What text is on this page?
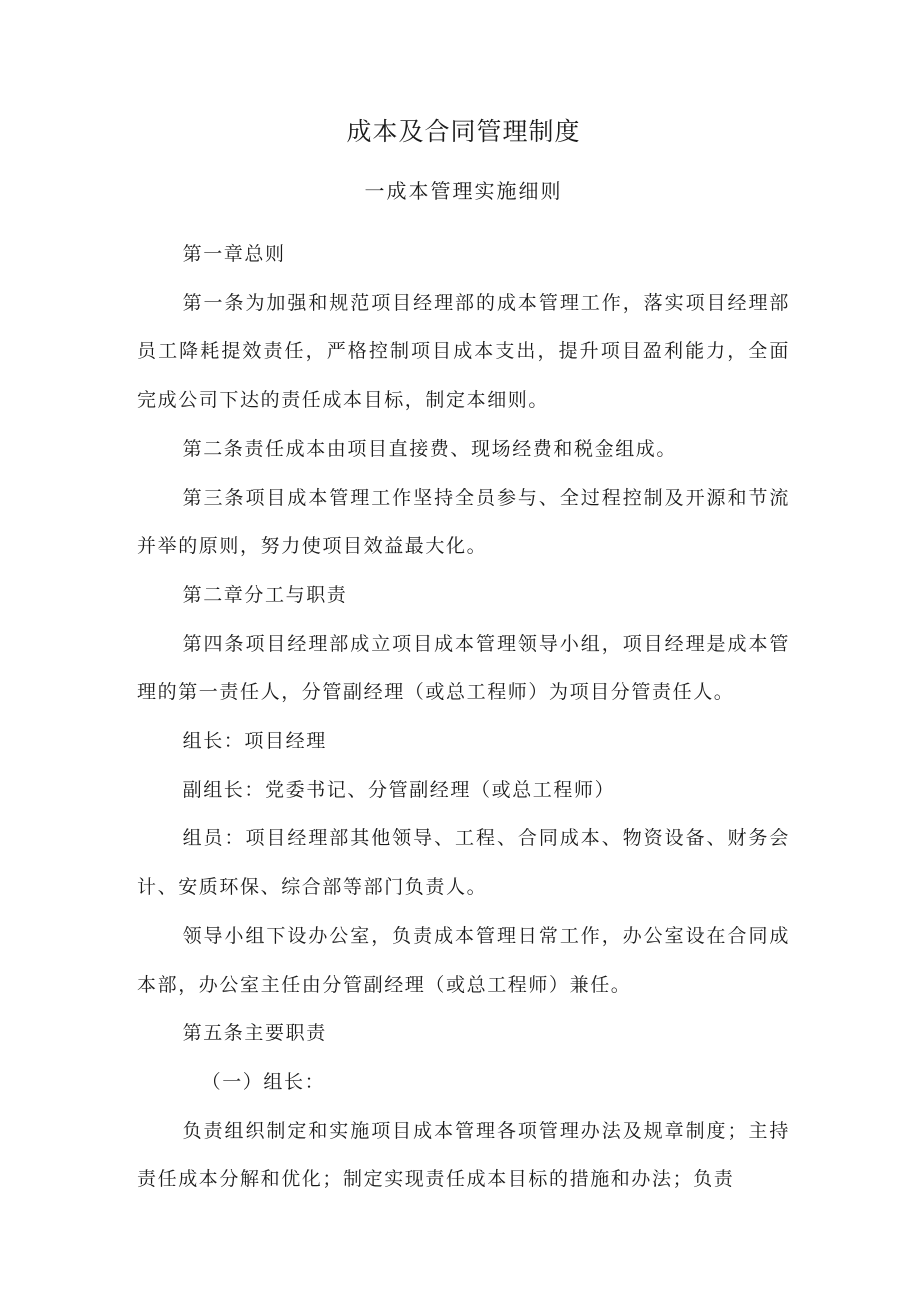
成本及合同管理制度
一成本管理实施细则

第一章总则

第一条为加强和规范项目经理部的成本管理工作，落实项目经理部员工降耗提效责任，严格控制项目成本支出，提升项目盈利能力，全面完成公司下达的责任成本目标，制定本细则。

第二条责任成本由项目直接费、现场经费和税金组成。

第三条项目成本管理工作坚持全员参与、全过程控制及开源和节流并举的原则，努力使项目效益最大化。

第二章分工与职责

第四条项目经理部成立项目成本管理领导小组，项目经理是成本管理的第一责任人，分管副经理（或总工程师）为项目分管责任人。

组长：项目经理

副组长：党委书记、分管副经理（或总工程师）

组员：项目经理部其他领导、工程、合同成本、物资设备、财务会计、安质环保、综合部等部门负责人。

领导小组下设办公室，负责成本管理日常工作，办公室设在合同成本部，办公室主任由分管副经理（或总工程师）兼任。

第五条主要职责

（一）组长：

负责组织制定和实施项目成本管理各项管理办法及规章制度；主持责任成本分解和优化；制定实现责任成本目标的措施和办法；负责
